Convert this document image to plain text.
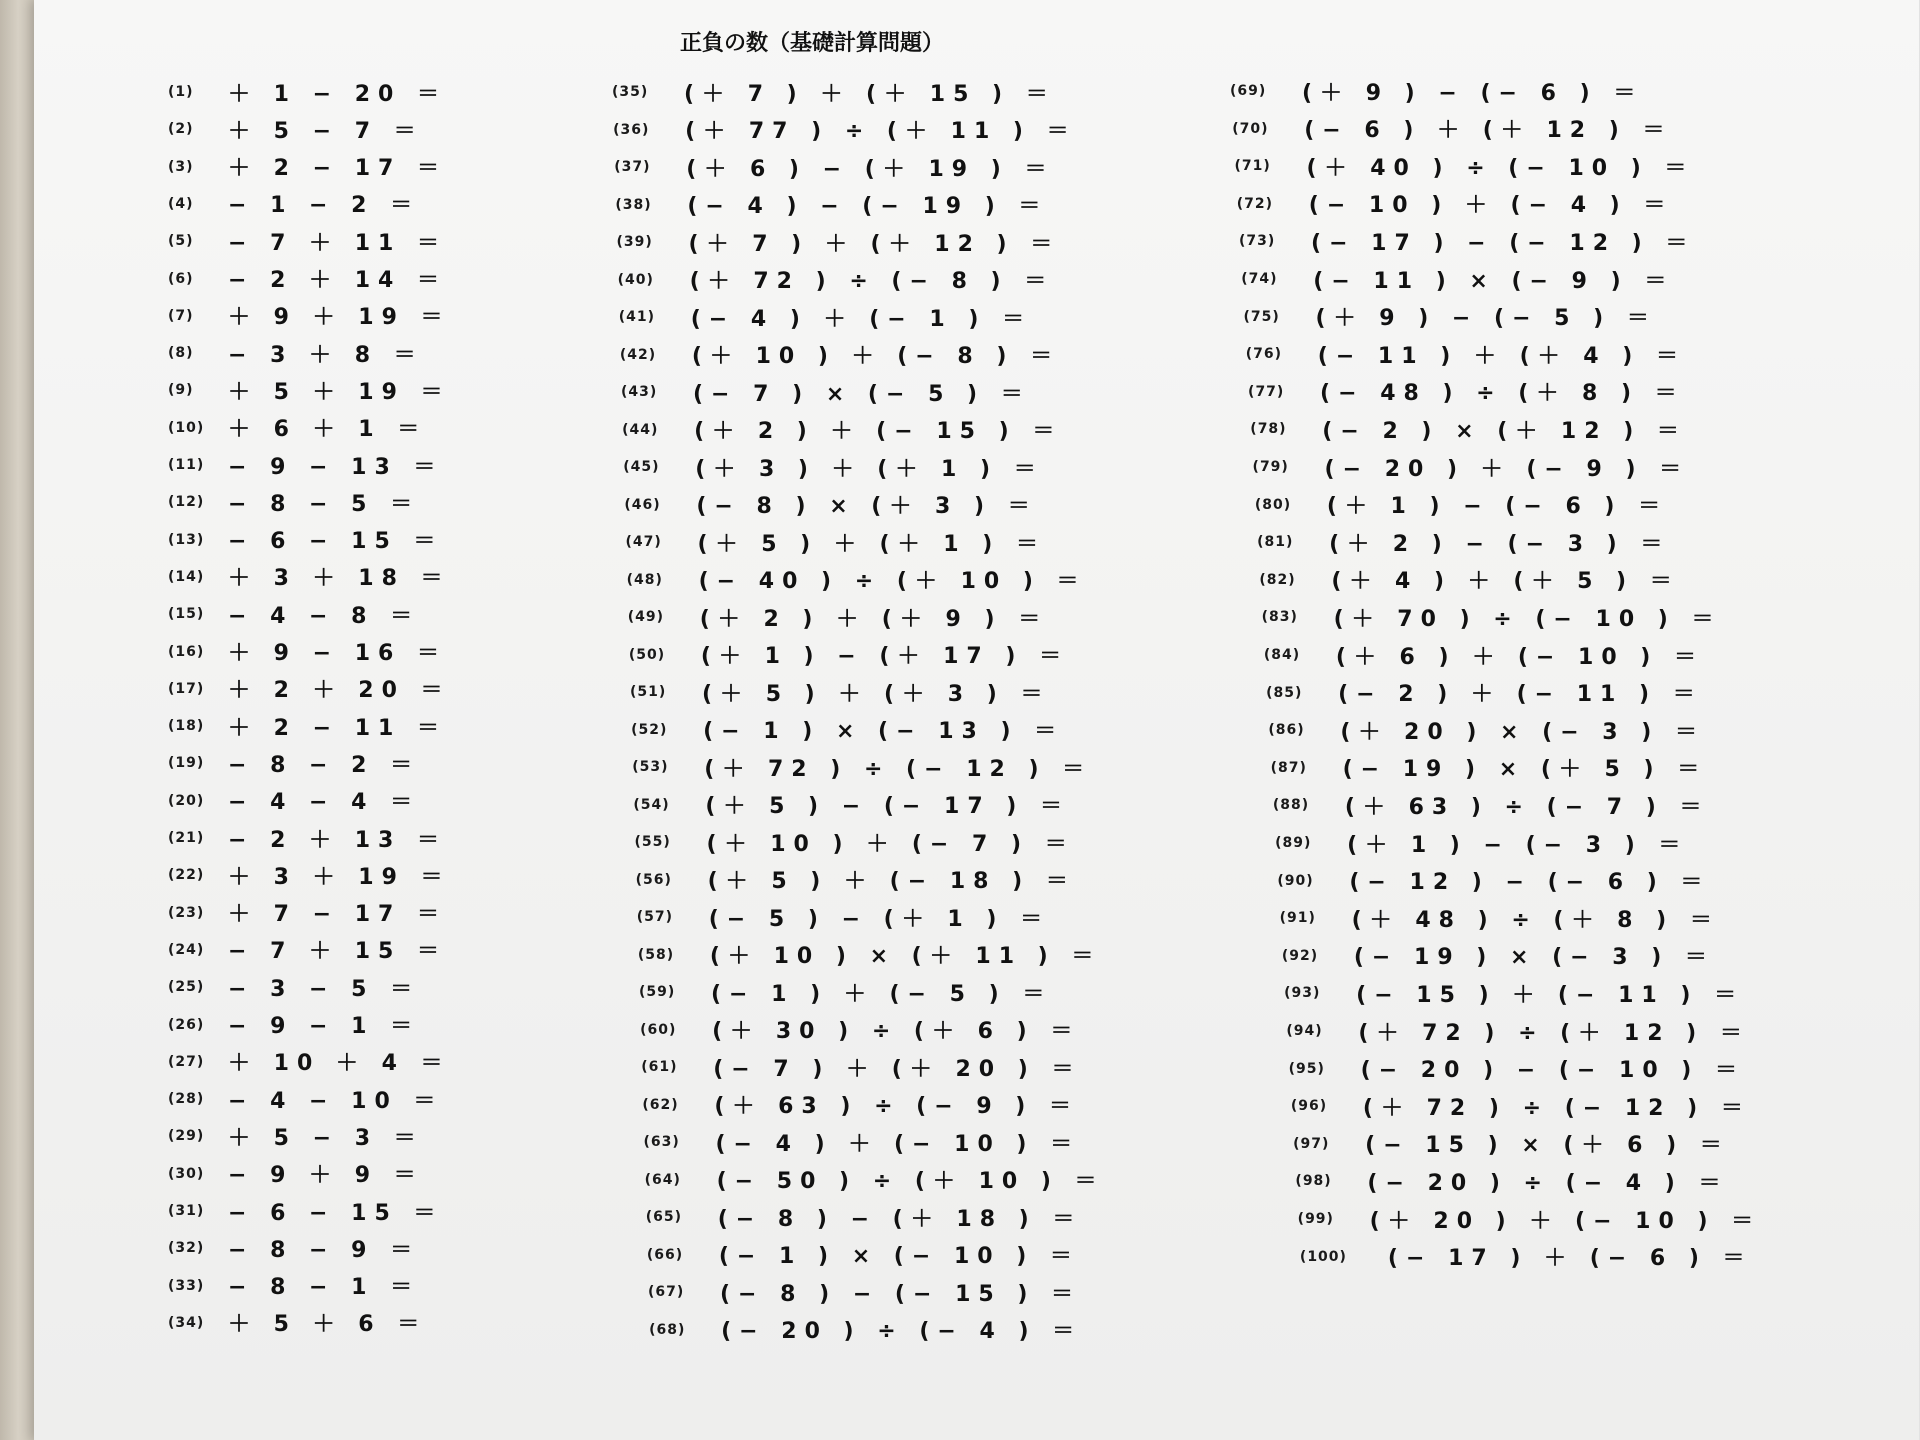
正負の数（基礎計算問題）
(1)	＋ 1 − 20 ＝
(2)	＋ 5 − 7 ＝
(3)	＋ 2 − 17 ＝
(4)	− 1 − 2 ＝
(5)	− 7 ＋ 11 ＝
(6)	− 2 ＋ 14 ＝
(7)	＋ 9 ＋ 19 ＝
(8)	− 3 ＋ 8 ＝
(9)	＋ 5 ＋ 19 ＝
(10)	＋ 6 ＋ 1 ＝
(11)	− 9 − 13 ＝
(12)	− 8 − 5 ＝
(13)	− 6 − 15 ＝
(14)	＋ 3 ＋ 18 ＝
(15)	− 4 − 8 ＝
(16)	＋ 9 − 16 ＝
(17)	＋ 2 ＋ 20 ＝
(18)	＋ 2 − 11 ＝
(19)	− 8 − 2 ＝
(20)	− 4 − 4 ＝
(21)	− 2 ＋ 13 ＝
(22)	＋ 3 ＋ 19 ＝
(23)	＋ 7 − 17 ＝
(24)	− 7 ＋ 15 ＝
(25)	− 3 − 5 ＝
(26)	− 9 − 1 ＝
(27)	＋ 10 ＋ 4 ＝
(28)	− 4 − 10 ＝
(29)	＋ 5 − 3 ＝
(30)	− 9 ＋ 9 ＝
(31)	− 6 − 15 ＝
(32)	− 8 − 9 ＝
(33)	− 8 − 1 ＝
(34)	＋ 5 ＋ 6 ＝
(35)	(＋ 7 ) ＋ (＋ 15 ) ＝
(36)	(＋ 77 ) ÷ (＋ 11 ) ＝
(37)	(＋ 6 ) − (＋ 19 ) ＝
(38)	(− 4 ) − (− 19 ) ＝
(39)	(＋ 7 ) ＋ (＋ 12 ) ＝
(40)	(＋ 72 ) ÷ (− 8 ) ＝
(41)	(− 4 ) ＋ (− 1 ) ＝
(42)	(＋ 10 ) ＋ (− 8 ) ＝
(43)	(− 7 ) × (− 5 ) ＝
(44)	(＋ 2 ) ＋ (− 15 ) ＝
(45)	(＋ 3 ) ＋ (＋ 1 ) ＝
(46)	(− 8 ) × (＋ 3 ) ＝
(47)	(＋ 5 ) ＋ (＋ 1 ) ＝
(48)	(− 40 ) ÷ (＋ 10 ) ＝
(49)	(＋ 2 ) ＋ (＋ 9 ) ＝
(50)	(＋ 1 ) − (＋ 17 ) ＝
(51)	(＋ 5 ) ＋ (＋ 3 ) ＝
(52)	(− 1 ) × (− 13 ) ＝
(53)	(＋ 72 ) ÷ (− 12 ) ＝
(54)	(＋ 5 ) − (− 17 ) ＝
(55)	(＋ 10 ) ＋ (− 7 ) ＝
(56)	(＋ 5 ) ＋ (− 18 ) ＝
(57)	(− 5 ) − (＋ 1 ) ＝
(58)	(＋ 10 ) × (＋ 11 ) ＝
(59)	(− 1 ) ＋ (− 5 ) ＝
(60)	(＋ 30 ) ÷ (＋ 6 ) ＝
(61)	(− 7 ) ＋ (＋ 20 ) ＝
(62)	(＋ 63 ) ÷ (− 9 ) ＝
(63)	(− 4 ) ＋ (− 10 ) ＝
(64)	(− 50 ) ÷ (＋ 10 ) ＝
(65)	(− 8 ) − (＋ 18 ) ＝
(66)	(− 1 ) × (− 10 ) ＝
(67)	(− 8 ) − (− 15 ) ＝
(68)	(− 20 ) ÷ (− 4 ) ＝
(69)	(＋ 9 ) − (− 6 ) ＝
(70)	(− 6 ) ＋ (＋ 12 ) ＝
(71)	(＋ 40 ) ÷ (− 10 ) ＝
(72)	(− 10 ) ＋ (− 4 ) ＝
(73)	(− 17 ) − (− 12 ) ＝
(74)	(− 11 ) × (− 9 ) ＝
(75)	(＋ 9 ) − (− 5 ) ＝
(76)	(− 11 ) ＋ (＋ 4 ) ＝
(77)	(− 48 ) ÷ (＋ 8 ) ＝
(78)	(− 2 ) × (＋ 12 ) ＝
(79)	(− 20 ) ＋ (− 9 ) ＝
(80)	(＋ 1 ) − (− 6 ) ＝
(81)	(＋ 2 ) − (− 3 ) ＝
(82)	(＋ 4 ) ＋ (＋ 5 ) ＝
(83)	(＋ 70 ) ÷ (− 10 ) ＝
(84)	(＋ 6 ) ＋ (− 10 ) ＝
(85)	(− 2 ) ＋ (− 11 ) ＝
(86)	(＋ 20 ) × (− 3 ) ＝
(87)	(− 19 ) × (＋ 5 ) ＝
(88)	(＋ 63 ) ÷ (− 7 ) ＝
(89)	(＋ 1 ) − (− 3 ) ＝
(90)	(− 12 ) − (− 6 ) ＝
(91)	(＋ 48 ) ÷ (＋ 8 ) ＝
(92)	(− 19 ) × (− 3 ) ＝
(93)	(− 15 ) ＋ (− 11 ) ＝
(94)	(＋ 72 ) ÷ (＋ 12 ) ＝
(95)	(− 20 ) − (− 10 ) ＝
(96)	(＋ 72 ) ÷ (− 12 ) ＝
(97)	(− 15 ) × (＋ 6 ) ＝
(98)	(− 20 ) ÷ (− 4 ) ＝
(99)	(＋ 20 ) ＋ (− 10 ) ＝
(100)	(− 17 ) ＋ (− 6 ) ＝
